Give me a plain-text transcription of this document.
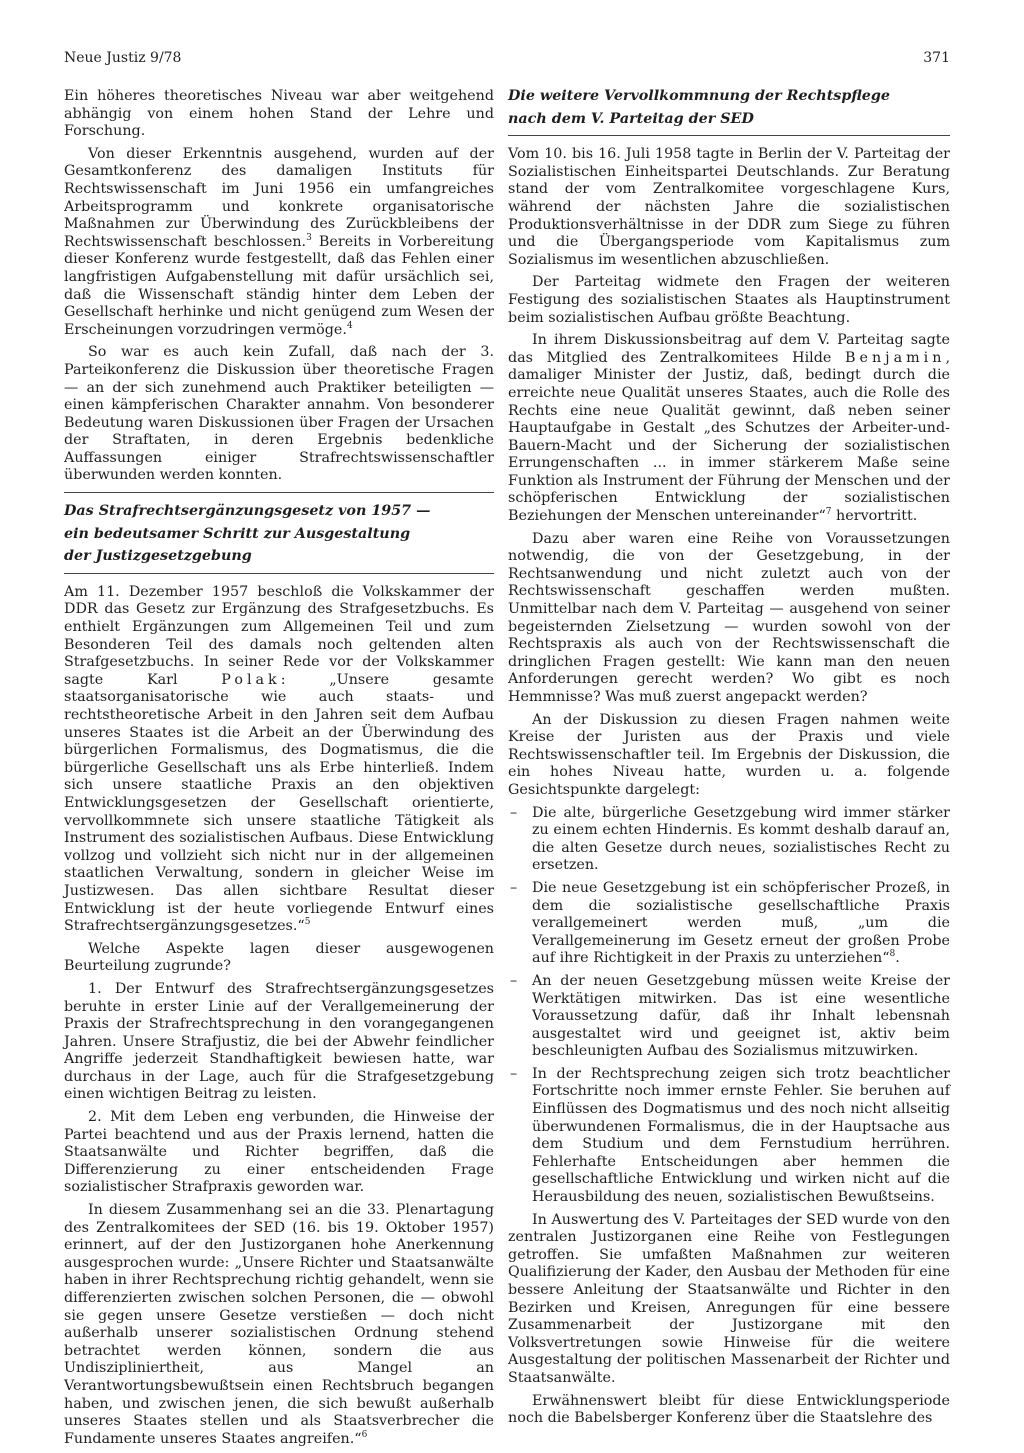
Neue Justiz 9/78	371

Ein höheres theoretisches Niveau war aber weitgehend abhängig von einem hohen Stand der Lehre und Forschung.

Von dieser Erkenntnis ausgehend, wurden auf der Gesamtkonferenz des damaligen Instituts für Rechtswissenschaft im Juni 1956 ein umfangreiches Arbeitsprogramm und konkrete organisatorische Maßnahmen zur Überwindung des Zurückbleibens der Rechtswissenschaft beschlossen.$^3$ Bereits in Vorbereitung dieser Konferenz wurde festgestellt, daß das Fehlen einer langfristigen Aufgabenstellung mit dafür ursächlich sei, daß die Wissenschaft ständig hinter dem Leben der Gesellschaft herhinke und nicht genügend zum Wesen der Erscheinungen vorzudringen vermöge.$^4$

So war es auch kein Zufall, daß nach der 3. Parteikonferenz die Diskussion über theoretische Fragen — an der sich zunehmend auch Praktiker beteiligten — einen kämpferischen Charakter annahm. Von besonderer Bedeutung waren Diskussionen über Fragen der Ursachen der Straftaten, in deren Ergebnis bedenkliche Auffassungen einiger Strafrechtswissenschaftler überwunden werden konnten.

Das Strafrechtsergänzungsgesetz von 1957 —

ein bedeutsamer Schritt zur Ausgestaltung

der Justizgesetzgebung

Am 11. Dezember 1957 beschloß die Volkskammer der DDR das Gesetz zur Ergänzung des Strafgesetzbuchs. Es enthielt Ergänzungen zum Allgemeinen Teil und zum Besonderen Teil des damals noch geltenden alten Strafgesetzbuchs. In seiner Rede vor der Volkskammer sagte Karl Polak: „Unsere gesamte staatsorganisatorische wie auch staats- und rechtstheoretische Arbeit in den Jahren seit dem Aufbau unseres Staates ist die Arbeit an der Überwindung des bürgerlichen Formalismus, des Dogmatismus, die die bürgerliche Gesellschaft uns als Erbe hinterließ. Indem sich unsere staatliche Praxis an den objektiven Entwicklungsgesetzen der Gesellschaft orientierte, vervollkommnete sich unsere staatliche Tätigkeit als Instrument des sozialistischen Aufbaus. Diese Entwicklung vollzog und vollzieht sich nicht nur in der allgemeinen staatlichen Verwaltung, sondern in gleicher Weise im Justizwesen. Das allen sichtbare Resultat dieser Entwicklung ist der heute vorliegende Entwurf eines Strafrechtsergänzungsgesetzes.“$^5$

Welche Aspekte lagen dieser ausgewogenen Beurteilung zugrunde?

1. Der Entwurf des Strafrechtsergänzungsgesetzes beruhte in erster Linie auf der Verallgemeinerung der Praxis der Strafrechtsprechung in den vorangegangenen Jahren. Unsere Strafjustiz, die bei der Abwehr feindlicher Angriffe jederzeit Standhaftigkeit bewiesen hatte, war durchaus in der Lage, auch für die Strafgesetzgebung einen wichtigen Beitrag zu leisten.

2. Mit dem Leben eng verbunden, die Hinweise der Partei beachtend und aus der Praxis lernend, hatten die Staatsanwälte und Richter begriffen, daß die Differenzierung zu einer entscheidenden Frage sozialistischer Strafpraxis geworden war.

In diesem Zusammenhang sei an die 33. Plenartagung des Zentralkomitees der SED (16. bis 19. Oktober 1957) erinnert, auf der den Justizorganen hohe Anerkennung ausgesprochen wurde: „Unsere Richter und Staatsanwälte haben in ihrer Rechtsprechung richtig gehandelt, wenn sie differenzierten zwischen solchen Personen, die — obwohl sie gegen unsere Gesetze verstießen — doch nicht außerhalb unserer sozialistischen Ordnung stehend betrachtet werden können, sondern die aus Undiszipliniertheit, aus Mangel an Verantwortungsbewußtsein einen Rechtsbruch begangen haben, und zwischen jenen, die sich bewußt außerhalb unseres Staates stellen und als Staatsverbrecher die Fundamente unseres Staates angreifen.“$^6$

Die weitere Vervollkommnung der Rechtspflege

nach dem V. Parteitag der SED

Vom 10. bis 16. Juli 1958 tagte in Berlin der V. Parteitag der Sozialistischen Einheitspartei Deutschlands. Zur Beratung stand der vom Zentralkomitee vorgeschlagene Kurs, während der nächsten Jahre die sozialistischen Produktionsverhältnisse in der DDR zum Siege zu führen und die Übergangsperiode vom Kapitalismus zum Sozialismus im wesentlichen abzuschließen.

Der Parteitag widmete den Fragen der weiteren Festigung des sozialistischen Staates als Hauptinstrument beim sozialistischen Aufbau größte Beachtung.

In ihrem Diskussionsbeitrag auf dem V. Parteitag sagte das Mitglied des Zentralkomitees Hilde Benjamin, damaliger Minister der Justiz, daß, bedingt durch die erreichte neue Qualität unseres Staates, auch die Rolle des Rechts eine neue Qualität gewinnt, daß neben seiner Hauptaufgabe in Gestalt „des Schutzes der Arbeiter-und-Bauern-Macht und der Sicherung der sozialistischen Errungenschaften ... in immer stärkerem Maße seine Funktion als Instrument der Führung der Menschen und der schöpferischen Entwicklung der sozialistischen Beziehungen der Menschen untereinander“$^7$ hervortritt.

Dazu aber waren eine Reihe von Voraussetzungen notwendig, die von der Gesetzgebung, in der Rechtsanwendung und nicht zuletzt auch von der Rechtswissenschaft geschaffen werden mußten. Unmittelbar nach dem V. Parteitag — ausgehend von seiner begeisternden Zielsetzung — wurden sowohl von der Rechtspraxis als auch von der Rechtswissenschaft die dringlichen Fragen gestellt: Wie kann man den neuen Anforderungen gerecht werden? Wo gibt es noch Hemmnisse? Was muß zuerst angepackt werden?

An der Diskussion zu diesen Fragen nahmen weite Kreise der Juristen aus der Praxis und viele Rechtswissenschaftler teil. Im Ergebnis der Diskussion, die ein hohes Niveau hatte, wurden u. a. folgende Gesichtspunkte dargelegt:

– Die alte, bürgerliche Gesetzgebung wird immer stärker zu einem echten Hindernis. Es kommt deshalb darauf an, die alten Gesetze durch neues, sozialistisches Recht zu ersetzen.
– Die neue Gesetzgebung ist ein schöpferischer Prozeß, in dem die sozialistische gesellschaftliche Praxis verallgemeinert werden muß, „um die Verallgemeinerung im Gesetz erneut der großen Probe auf ihre Richtigkeit in der Praxis zu unterziehen“$^8$.
– An der neuen Gesetzgebung müssen weite Kreise der Werktätigen mitwirken. Das ist eine wesentliche Voraussetzung dafür, daß ihr Inhalt lebensnah ausgestaltet wird und geeignet ist, aktiv beim beschleunigten Aufbau des Sozialismus mitzuwirken.
– In der Rechtsprechung zeigen sich trotz beachtlicher Fortschritte noch immer ernste Fehler. Sie beruhen auf Einflüssen des Dogmatismus und des noch nicht allseitig überwundenen Formalismus, die in der Hauptsache aus dem Studium und dem Fernstudium herrühren. Fehlerhafte Entscheidungen aber hemmen die gesellschaftliche Entwicklung und wirken nicht auf die Herausbildung des neuen, sozialistischen Bewußtseins.

In Auswertung des V. Parteitages der SED wurde von den zentralen Justizorganen eine Reihe von Festlegungen getroffen. Sie umfaßten Maßnahmen zur weiteren Qualifizierung der Kader, den Ausbau der Methoden für eine bessere Anleitung der Staatsanwälte und Richter in den Bezirken und Kreisen, Anregungen für eine bessere Zusammenarbeit der Justizorgane mit den Volksvertretungen sowie Hinweise für die weitere Ausgestaltung der politischen Massenarbeit der Richter und Staatsanwälte.

Erwähnenswert bleibt für diese Entwicklungsperiode noch die Babelsberger Konferenz über die Staatslehre des
